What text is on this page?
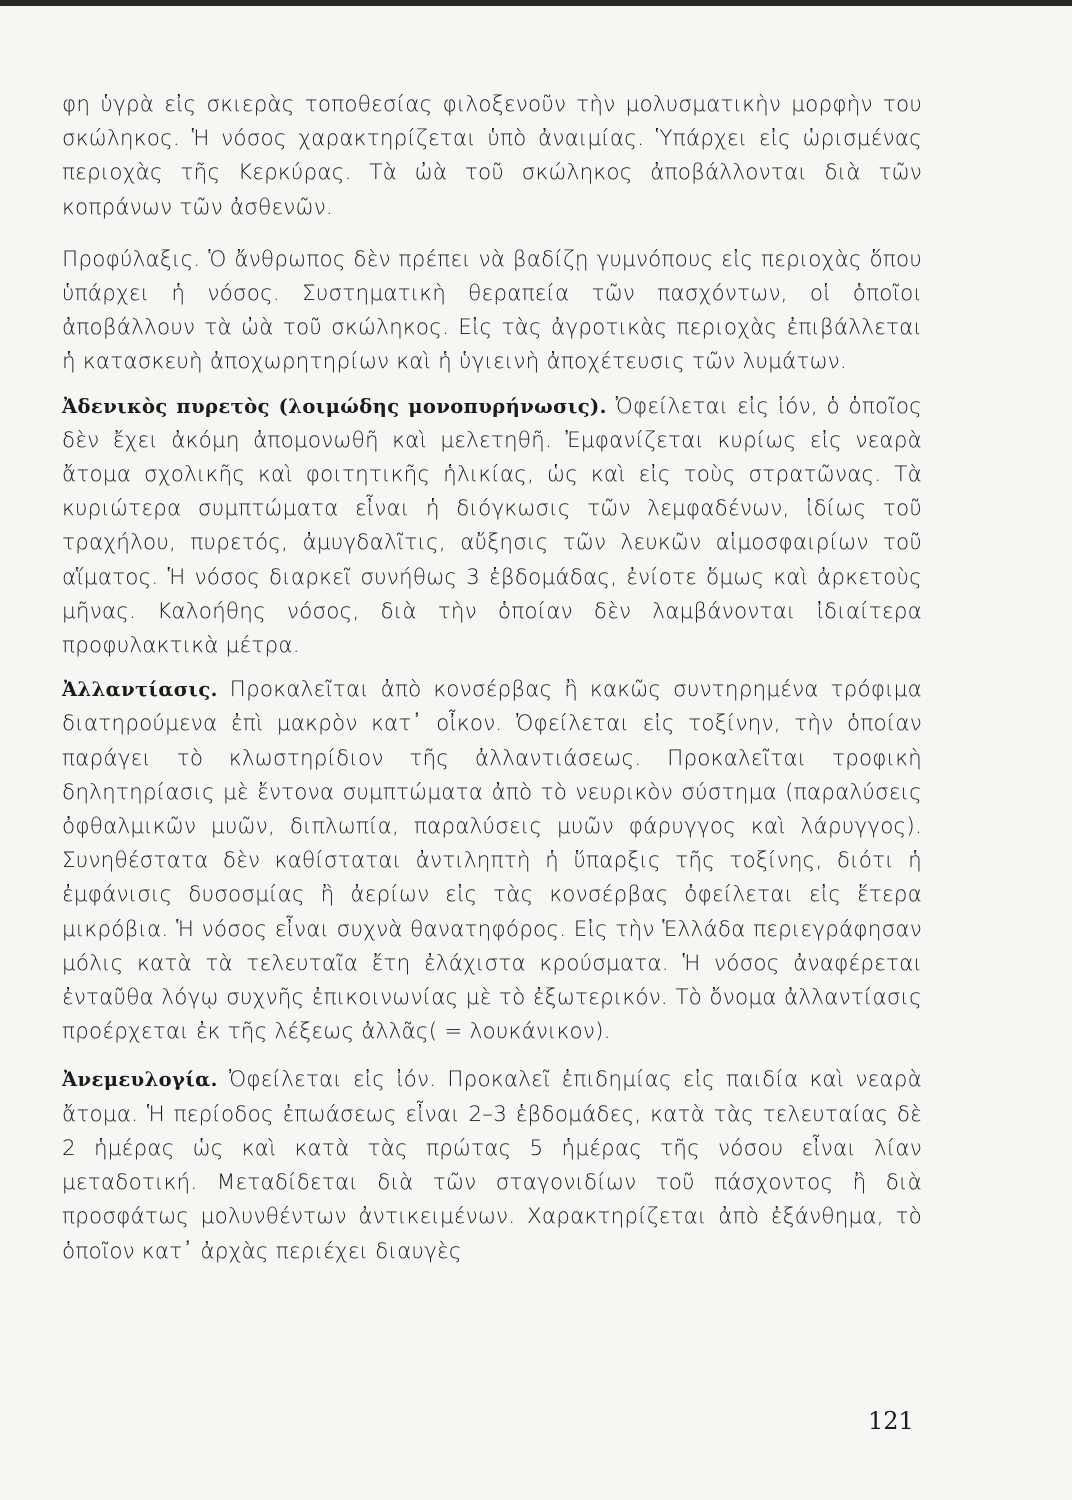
φη ὑγρὰ εἰς σκιερὰς τοποθεσίας φιλοξενοῦν τὴν μολυσματικὴν μορφὴν του σκώληκος. Ἡ νόσος χαρακτηρίζεται ὑπὸ ἀναιμίας. Ὑπάρχει εἰς ὡρισμένας περιοχὰς τῆς Κερκύρας. Τὰ ὠὰ τοῦ σκώληκος ἀποβάλλονται διὰ τῶν κοπράνων τῶν ἀσθενῶν.

Προφύλαξις. Ὁ ἄνθρωπος δὲν πρέπει νὰ βαδίζῃ γυμνόπους εἰς περιοχὰς ὅπου ὑπάρχει ἡ νόσος. Συστηματικὴ θεραπεία τῶν πασχόντων, οἱ ὁποῖοι ἀποβάλλουν τὰ ὠὰ τοῦ σκώληκος. Εἰς τὰς ἀγροτικὰς περιοχὰς ἐπιβάλλεται ἡ κατασκευὴ ἀποχωρητηρίων καὶ ἡ ὑγιεινὴ ἀποχέτευσις τῶν λυμάτων.

Ἀδενικὸς πυρετὸς (λοιμώδης μονοπυρήνωσις). Ὀφείλεται εἰς ἰόν, ὁ ὁποῖος δὲν ἔχει ἀκόμη ἀπομονωθῆ καὶ μελετηθῆ. Ἐμφανίζεται κυρίως εἰς νεαρὰ ἄτομα σχολικῆς καὶ φοιτητικῆς ἡλικίας, ὡς καὶ εἰς τοὺς στρατῶνας. Τὰ κυριώτερα συμπτώματα εἶναι ἡ διόγκωσις τῶν λεμφαδένων, ἰδίως τοῦ τραχήλου, πυρετός, ἀμυγδαλῖτις, αὔξησις τῶν λευκῶν αἱμοσφαιρίων τοῦ αἵματος. Ἡ νόσος διαρκεῖ συνήθως 3 ἑβδομάδας, ἐνίοτε ὅμως καὶ ἀρκετοὺς μῆνας. Καλοήθης νόσος, διὰ τὴν ὁποίαν δὲν λαμβάνονται ἰδιαίτερα προφυλακτικὰ μέτρα.

Ἀλλαντίασις. Προκαλεῖται ἀπὸ κονσέρβας ἢ κακῶς συντηρημένα τρόφιμα διατηρούμενα ἐπὶ μακρὸν κατ᾽ οἶκον. Ὀφείλεται εἰς τοξίνην, τὴν ὁποίαν παράγει τὸ κλωστηρίδιον τῆς ἀλλαντιάσεως. Προκαλεῖται τροφικὴ δηλητηρίασις μὲ ἔντονα συμπτώματα ἀπὸ τὸ νευρικὸν σύστημα (παραλύσεις ὀφθαλμικῶν μυῶν, διπλωπία, παραλύσεις μυῶν φάρυγγος καὶ λάρυγγος). Συνηθέστατα δὲν καθίσταται ἀντιληπτὴ ἡ ὕπαρξις τῆς τοξίνης, διότι ἡ ἐμφάνισις δυσοσμίας ἢ ἀερίων εἰς τὰς κονσέρβας ὀφείλεται εἰς ἕτερα μικρόβια. Ἡ νόσος εἶναι συχνὰ θανατηφόρος. Εἰς τὴν Ἑλλάδα περιεγράφησαν μόλις κατὰ τὰ τελευταῖα ἔτη ἐλάχιστα κρούσματα. Ἡ νόσος ἀναφέρεται ἐνταῦθα λόγῳ συχνῆς ἐπικοινωνίας μὲ τὸ ἐξωτερικόν. Τὸ ὄνομα ἀλλαντίασις προέρχεται ἐκ τῆς λέξεως ἀλλᾶς( = λουκάνικον).

Ἀνεμευλογία. Ὀφείλεται εἰς ἰόν. Προκαλεῖ ἐπιδημίας εἰς παιδία καὶ νεαρὰ ἄτομα. Ἡ περίοδος ἐπωάσεως εἶναι 2–3 ἑβδομάδες, κατὰ τὰς τελευταίας δὲ 2 ἡμέρας ὡς καὶ κατὰ τὰς πρώτας 5 ἡμέρας τῆς νόσου εἶναι λίαν μεταδοτική. Μεταδίδεται διὰ τῶν σταγονιδίων τοῦ πάσχοντος ἢ διὰ προσφάτως μολυνθέντων ἀντικειμένων. Χαρακτηρίζεται ἀπὸ ἐξάνθημα, τὸ ὁποῖον κατ᾽ ἀρχὰς περιέχει διαυγὲς

121
